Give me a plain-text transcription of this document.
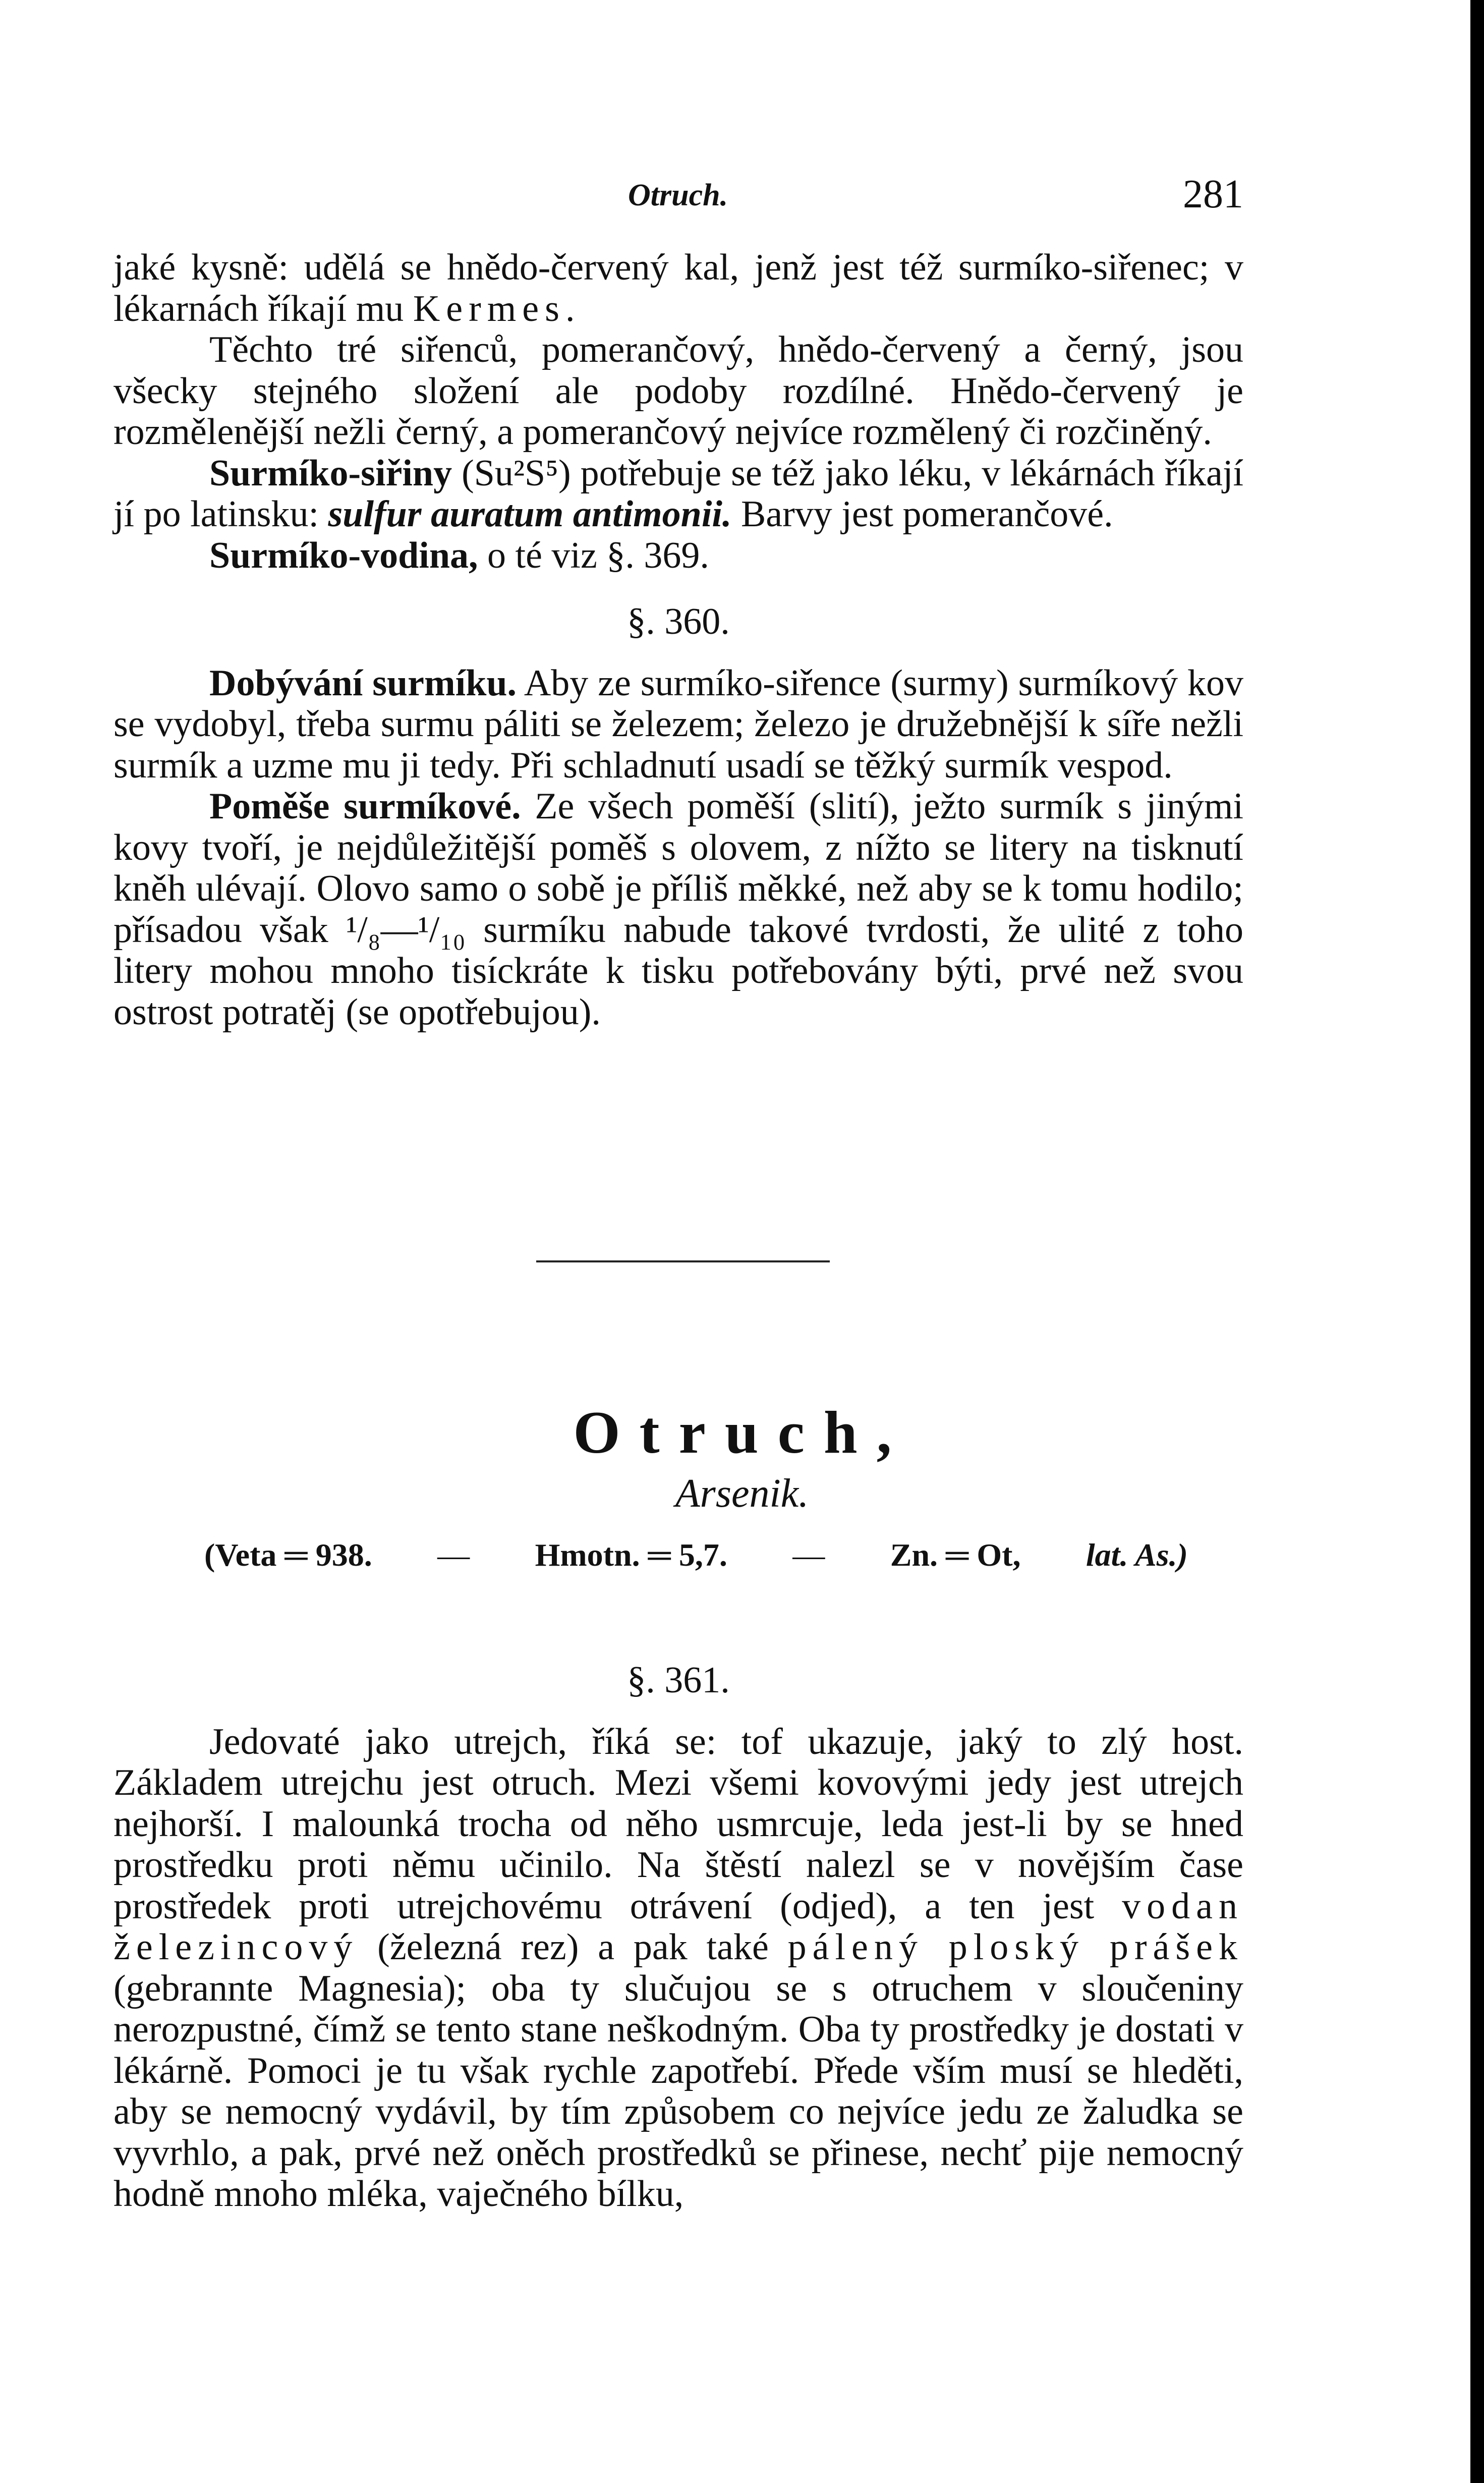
Otruch.	281

jaké kysně: udělá se hnědo-červený kal, jenž jest též surmíko-siřenec; v lékarnách říkají mu Kermes.

Těchto tré siřenců, pomerančový, hnědo-červený a černý, jsou všecky stejného složení ale podoby rozdílné. Hnědo-červený je rozmělenější nežli černý, a pomerančový nejvíce rozmělený či rozčiněný.

Surmíko-siřiny (Su²S⁵) potřebuje se též jako léku, v lékárnách říkají jí po latinsku: sulfur auratum antimonii. Barvy jest pomerančové.

Surmíko-vodina, o té viz §. 369.

§. 360.

Dobývání surmíku. Aby ze surmíko-siřence (surmy) surmíkový kov se vydobyl, třeba surmu páliti se železem; železo je družebnější k síře nežli surmík a uzme mu ji tedy. Při schladnutí usadí se těžký surmík vespod.

Poměše surmíkové. Ze všech poměší (slití), ježto surmík s jinými kovy tvoří, je nejdůležitější poměš s olovem, z nížto se litery na tisknutí kněh ulévají. Olovo samo o sobě je příliš měkké, než aby se k tomu hodilo; přísadou však ¹/₈—¹/₁₀ surmíku nabude takové tvrdosti, že ulité z toho litery mohou mnoho tisíckráte k tisku potřebovány býti, prvé než svou ostrost potratěj (se opotřebujou).

Otruch,
Arsenik.
(Veta ═ 938. — Hmotn. ═ 5,7. — Zn. ═ Ot, lat. As.)
§. 361.

Jedovaté jako utrejch, říká se: tof ukazuje, jaký to zlý host. Základem utrejchu jest otruch. Mezi všemi kovovými jedy jest utrejch nejhorší. I malounká trocha od něho usmrcuje, leda jest-li by se hned prostředku proti němu učinilo. Na štěstí nalezl se v novějším čase prostředek proti utrejchovému otrávení (odjed), a ten jest vodan železincový (železná rez) a pak také pálený ploský prášek (gebrannte Magnesia); oba ty slučujou se s otruchem v sloučeniny nerozpustné, čímž se tento stane neškodným. Oba ty prostředky je dostati v lékárně. Pomoci je tu však rychle zapotřebí. Přede vším musí se hleděti, aby se nemocný vydávil, by tím způsobem co nejvíce jedu ze žaludka se vyvrhlo, a pak, prvé než oněch prostředků se přinese, nechť pije nemocný hodně mnoho mléka, vaječného bílku,
